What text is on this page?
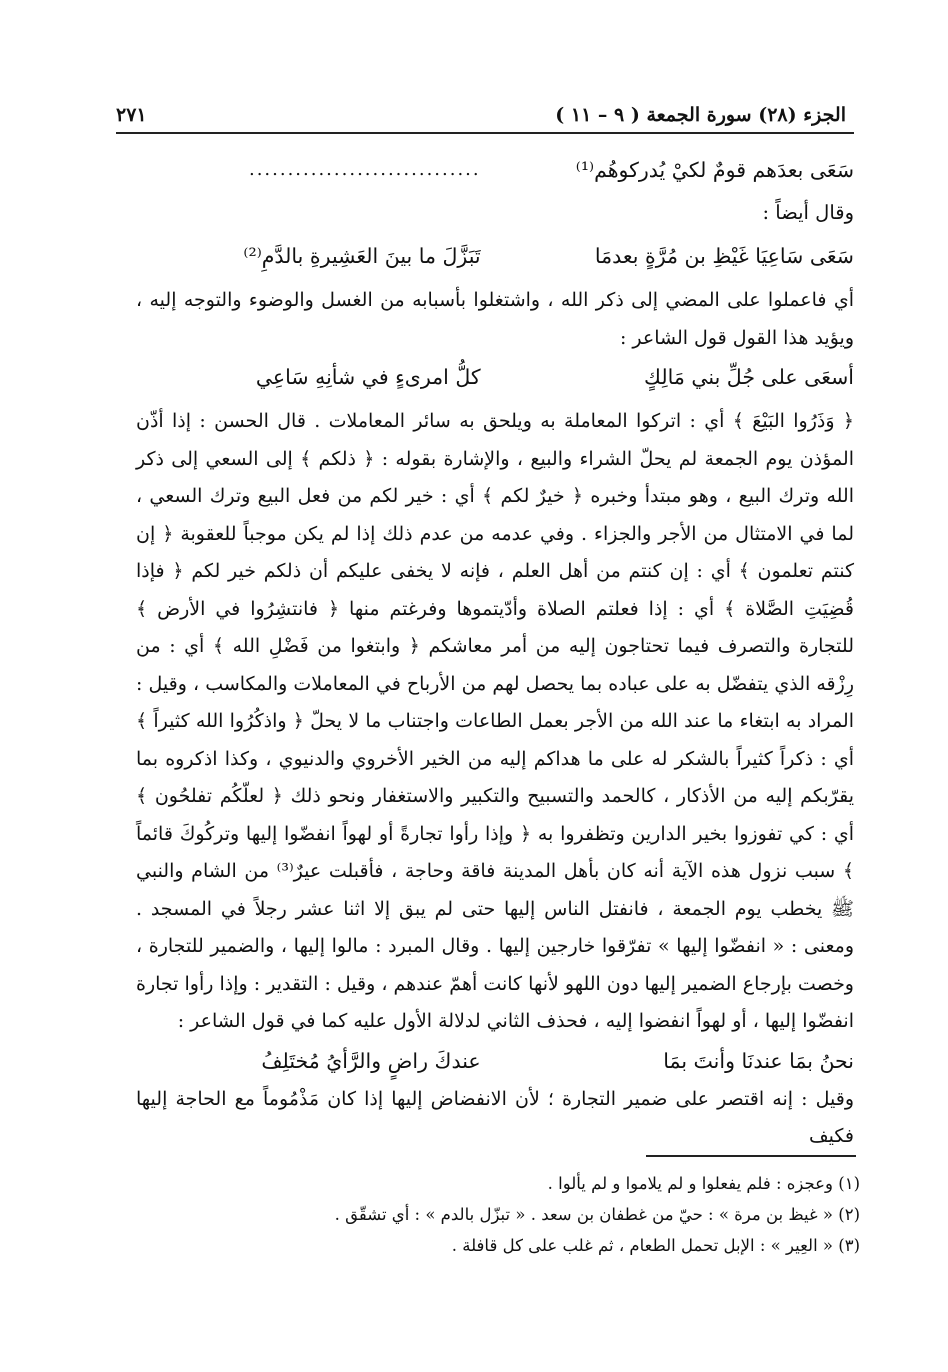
الجزء (٢٨) سورة الجمعة ( ٩ – ١١ )
٢٧١
سَعَى بعدَهم قومٌ لكيْ يُدركوهُم⁽¹⁾
..............................
وقال أيضاً :
سَعَى سَاعِيَا غَيْظِ بن مُرَّةٍ بعدمَا
تَبَزَّلَ ما بينَ العَشِيرةِ بالدَّمِ⁽²⁾

أي فاعملوا على المضي إلى ذكر الله ، واشتغلوا بأسبابه من الغسل والوضوء والتوجه إليه ، ويؤيد هذا القول قول الشاعر :

أسعَى على جُلِّ بني مَالِكٍ
كلُّ امرىءٍ في شأنِهِ سَاعِي

﴿ وَذَرُوا البَيْعَ ﴾ أي : اتركوا المعاملة به ويلحق به سائر المعاملات . قال الحسن : إذا أذّن المؤذن يوم الجمعة لم يحلّ الشراء والبيع ، والإشارة بقوله : ﴿ ذلكم ﴾ إلى السعي إلى ذكر الله وترك البيع ، وهو مبتدأ وخبره ﴿ خيرٌ لكم ﴾ أي : خير لكم من فعل البيع وترك السعي ، لما في الامتثال من الأجر والجزاء . وفي عدمه من عدم ذلك إذا لم يكن موجباً للعقوبة ﴿ إن كنتم تعلمون ﴾ أي : إن كنتم من أهل العلم ، فإنه لا يخفى عليكم أن ذلكم خير لكم ﴿ فإذا قُضِيَتِ الصَّلاة ﴾ أي : إذا فعلتم الصلاة وأدّيتموها وفرغتم منها ﴿ فانتشِرُوا في الأرض ﴾ للتجارة والتصرف فيما تحتاجون إليه من أمر معاشكم ﴿ وابتغوا من فَضْلِ الله ﴾ أي : من رِزْقه الذي يتفضّل به على عباده بما يحصل لهم من الأرباح في المعاملات والمكاسب ، وقيل : المراد به ابتغاء ما عند الله من الأجر بعمل الطاعات واجتناب ما لا يحلّ ﴿ واذكُرُوا الله كثيراً ﴾ أي : ذكراً كثيراً بالشكر له على ما هداكم إليه من الخير الأخروي والدنيوي ، وكذا اذكروه بما يقرّبكم إليه من الأذكار ، كالحمد والتسبيح والتكبير والاستغفار ونحو ذلك ﴿ لعلّكُم تفلحُون ﴾ أي : كي تفوزوا بخير الدارين وتظفروا به ﴿ وإذا رأوا تجارةً أو لهواً انفضّوا إليها وتركُوكَ قائماً ﴾ سبب نزول هذه الآية أنه كان بأهل المدينة فاقة وحاجة ، فأقبلت عيرٌ⁽³⁾ من الشام والنبي ﷺ يخطب يوم الجمعة ، فانفتل الناس إليها حتى لم يبق إلا اثنا عشر رجلاً في المسجد . ومعنى : « انفضّوا إليها » تفرّقوا خارجين إليها . وقال المبرد : مالوا إليها ، والضمير للتجارة ، وخصت بإرجاع الضمير إليها دون اللهو لأنها كانت أهمّ عندهم ، وقيل : التقدير : وإذا رأوا تجارة انفضّوا إليها ، أو لهواً انفضوا إليه ، فحذف الثاني لدلالة الأول عليه كما في قول الشاعر :

نحنُ بمَا عندنَا وأنتَ بمَا
عندكَ راضٍ والرَّأيُ مُختَلِفُ

وقيل : إنه اقتصر على ضمير التجارة ؛ لأن الانفضاض إليها إذا كان مَذْمُوماً مع الحاجة إليها فكيف

(١) وعجزه : فلم يفعلوا و لم يلاموا و لم يألوا .
(٢) « غيظ بن مرة » : حيّ من غطفان بن سعد . « تبزّل بالدم » : أي تشقّق .
(٣) « العِير » : الإبل تحمل الطعام ، ثم غلب على كل قافلة .
